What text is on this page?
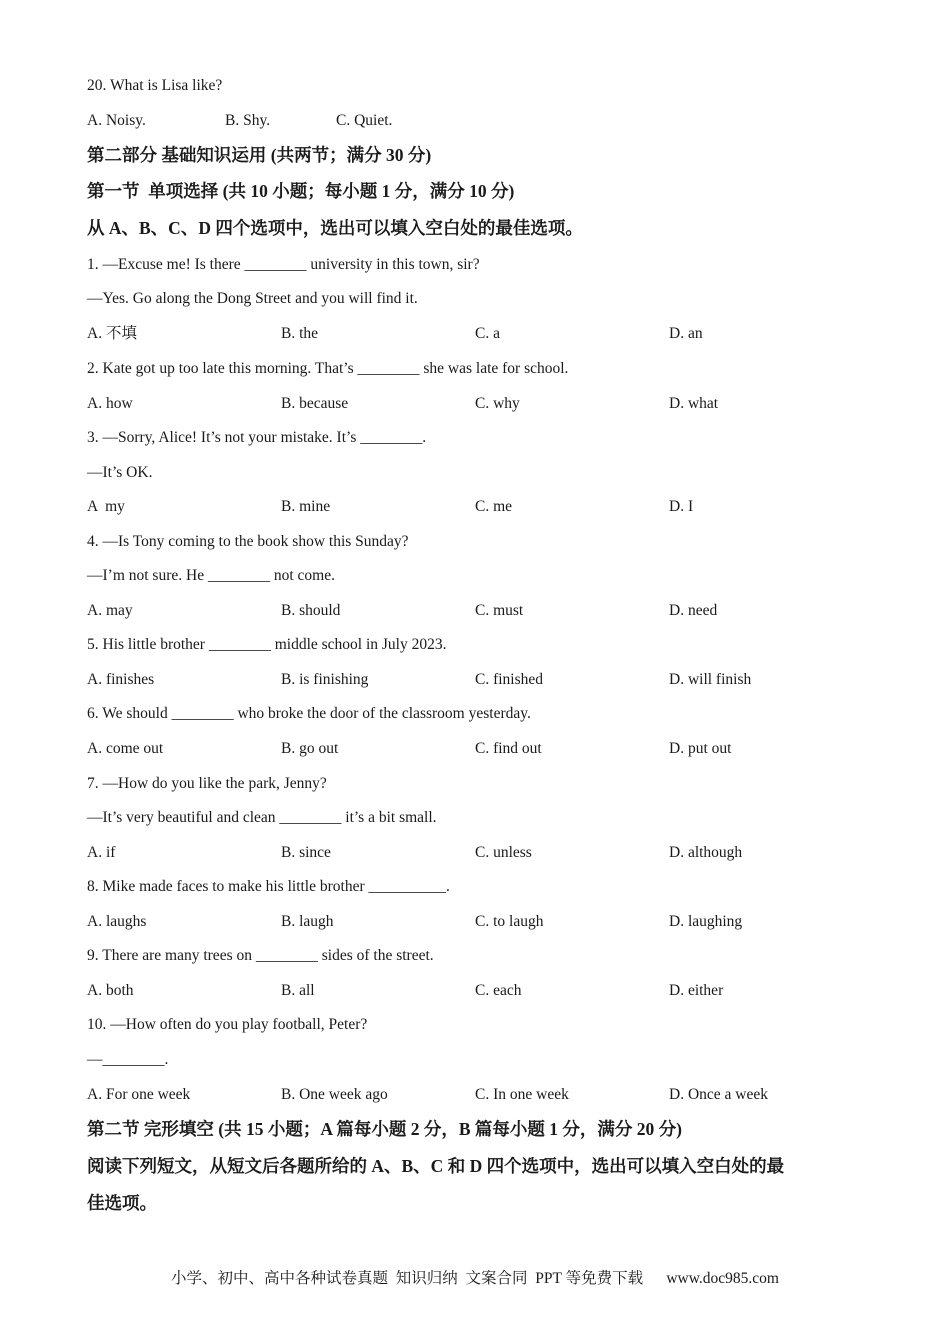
20. What is Lisa like?
A. Noisy.	B. Shy.	C. Quiet.
第二部分 基础知识运用 (共两节；满分 30 分)
第一节  单项选择 (共 10 小题；每小题 1 分，满分 10 分)
从 A、B、C、D 四个选项中，选出可以填入空白处的最佳选项。
1. —Excuse me! Is there ________ university in this town, sir?
—Yes. Go along the Dong Street and you will find it.
A. 不填	B. the	C. a	D. an
2. Kate got up too late this morning. That’s ________ she was late for school.
A. how	B. because	C. why	D. what
3. —Sorry, Alice! It’s not your mistake. It’s ________.
—It’s OK.
A  my	B. mine	C. me	D. I
4. —Is Tony coming to the book show this Sunday?
—I’m not sure. He ________ not come.
A. may	B. should	C. must	D. need
5. His little brother ________ middle school in July 2023.
A. finishes	B. is finishing	C. finished	D. will finish
6. We should ________ who broke the door of the classroom yesterday.
A. come out	B. go out	C. find out	D. put out
7. —How do you like the park, Jenny?
—It’s very beautiful and clean ________ it’s a bit small.
A. if	B. since	C. unless	D. although
8. Mike made faces to make his little brother __________.
A. laughs	B. laugh	C. to laugh	D. laughing
9. There are many trees on ________ sides of the street.
A. both	B. all	C. each	D. either
10. —How often do you play football, Peter?
—________.
A. For one week	B. One week ago	C. In one week	D. Once a week
第二节 完形填空 (共 15 小题；A 篇每小题 2 分，B 篇每小题 1 分，满分 20 分)
阅读下列短文，从短文后各题所给的 A、B、C 和 D 四个选项中，选出可以填入空白处的最
佳选项。
小学、初中、高中各种试卷真题  知识归纳  文案合同  PPT 等免费下载      www.doc985.com
